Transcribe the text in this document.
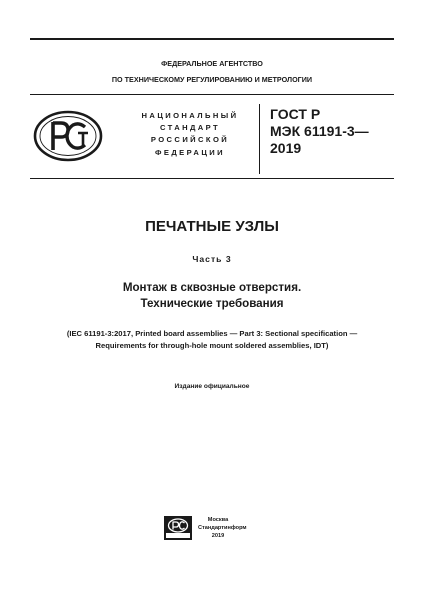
ФЕДЕРАЛЬНОЕ АГЕНТСТВО
ПО ТЕХНИЧЕСКОМУ РЕГУЛИРОВАНИЮ И МЕТРОЛОГИИ
НАЦИОНАЛЬНЫЙ
СТАНДАРТ
РОССИЙСКОЙ
ФЕДЕРАЦИИ
ГОСТ Р
МЭК 61191-3—
2019
ПЕЧАТНЫЕ УЗЛЫ
Часть 3
Монтаж в сквозные отверстия.
Технические требования
(IEC 61191-3:2017, Printed board assemblies — Part 3: Sectional specification —
Requirements for through-hole mount soldered assemblies, IDT)
Издание официальное
Москва
Стандартинформ
2019
